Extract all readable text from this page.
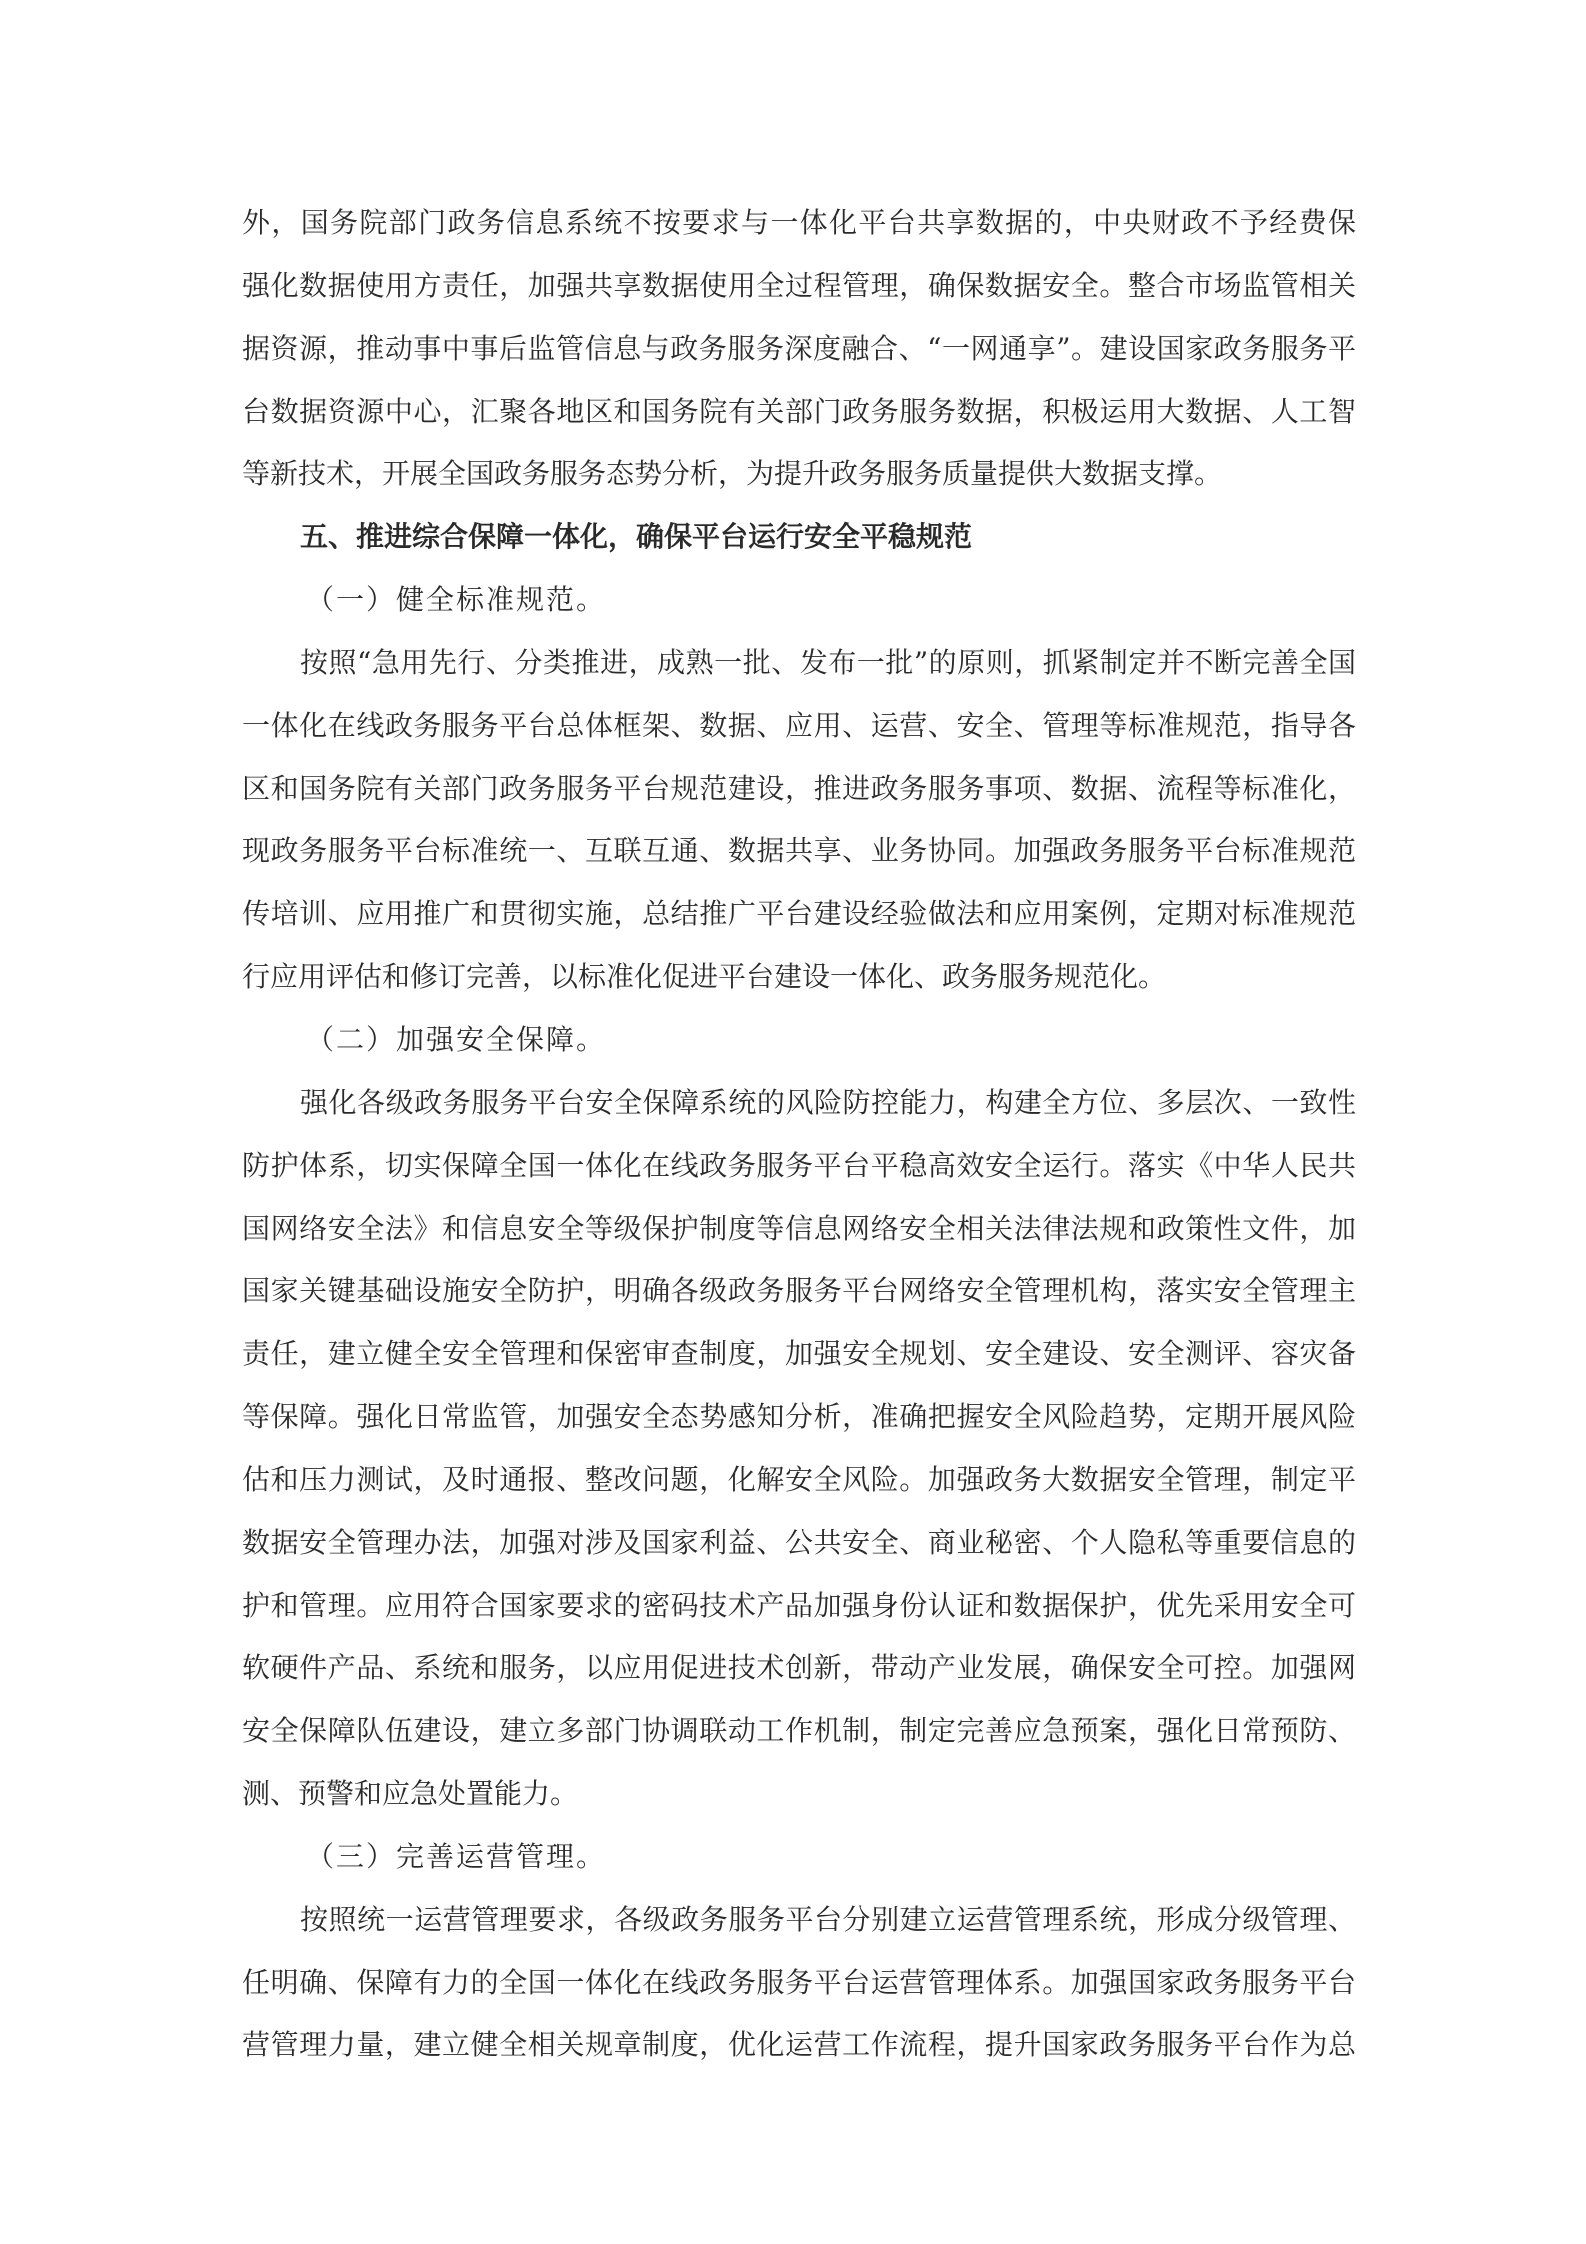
外，国务院部门政务信息系统不按要求与一体化平台共享数据的，中央财政不予经费保
强化数据使用方责任，加强共享数据使用全过程管理，确保数据安全。整合市场监管相关
据资源，推动事中事后监管信息与政务服务深度融合、“一网通享”。建设国家政务服务平
台数据资源中心，汇聚各地区和国务院有关部门政务服务数据，积极运用大数据、人工智
等新技术，开展全国政务服务态势分析，为提升政务服务质量提供大数据支撑。
五、推进综合保障一体化，确保平台运行安全平稳规范
（一）健全标准规范。
按照“急用先行、分类推进，成熟一批、发布一批”的原则，抓紧制定并不断完善全国
一体化在线政务服务平台总体框架、数据、应用、运营、安全、管理等标准规范，指导各
区和国务院有关部门政务服务平台规范建设，推进政务服务事项、数据、流程等标准化，
现政务服务平台标准统一、互联互通、数据共享、业务协同。加强政务服务平台标准规范
传培训、应用推广和贯彻实施，总结推广平台建设经验做法和应用案例，定期对标准规范
行应用评估和修订完善，以标准化促进平台建设一体化、政务服务规范化。
（二）加强安全保障。
强化各级政务服务平台安全保障系统的风险防控能力，构建全方位、多层次、一致性
防护体系，切实保障全国一体化在线政务服务平台平稳高效安全运行。落实《中华人民共
国网络安全法》和信息安全等级保护制度等信息网络安全相关法律法规和政策性文件，加
国家关键基础设施安全防护，明确各级政务服务平台网络安全管理机构，落实安全管理主
责任，建立健全安全管理和保密审查制度，加强安全规划、安全建设、安全测评、容灾备
等保障。强化日常监管，加强安全态势感知分析，准确把握安全风险趋势，定期开展风险
估和压力测试，及时通报、整改问题，化解安全风险。加强政务大数据安全管理，制定平
数据安全管理办法，加强对涉及国家利益、公共安全、商业秘密、个人隐私等重要信息的
护和管理。应用符合国家要求的密码技术产品加强身份认证和数据保护，优先采用安全可
软硬件产品、系统和服务，以应用促进技术创新，带动产业发展，确保安全可控。加强网
安全保障队伍建设，建立多部门协调联动工作机制，制定完善应急预案，强化日常预防、
测、预警和应急处置能力。
（三）完善运营管理。
按照统一运营管理要求，各级政务服务平台分别建立运营管理系统，形成分级管理、
任明确、保障有力的全国一体化在线政务服务平台运营管理体系。加强国家政务服务平台
营管理力量，建立健全相关规章制度，优化运营工作流程，提升国家政务服务平台作为总
